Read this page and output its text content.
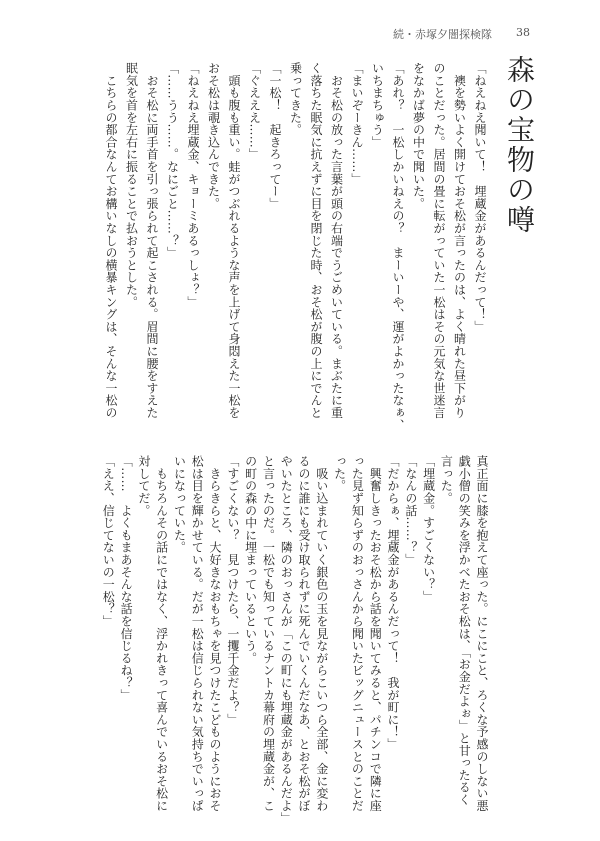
続・赤塚夕闇探検隊 38
森の宝物の噂
「ねえねえ聞いて！　埋蔵金があるんだって！」
　襖を勢いよく開けておそ松が言ったのは、よく晴れた昼下がり
のことだった。居間の畳に転がっていた一松はその元気な世迷言
をなかば夢の中で聞いた。
「あれ？　一松しかいねえの？　まーいーや、運がよかったなぁ、
いちまちゅう」
「まいぞーきん……」
　おそ松の放った言葉が頭の右端でうごめいている。まぶたに重
く落ちた眠気に抗えずに目を閉じた時、おそ松が腹の上にでんと
乗ってきた。
「一松！　起きろってー」
「ぐえええ……」
　頭も腹も重い。蛙がつぶれるような声を上げて身悶えた一松を
おそ松は覗き込んできた。
「ねえねえ埋蔵金、キョーミあるっしょ？」
「……うう……。なにごと……？」
　おそ松に両手首を引っ張られて起こされる。眉間に腰をすえた
眠気を首を左右に振ることで払おうとした。
　こちらの都合なんてお構いなしの横暴キングは、そんな一松の
真正面に膝を抱えて座った。にこにこと、ろくな予感のしない悪
戯小僧の笑みを浮かべたおそ松は、「お金だよぉ」と甘ったるく
言った。
「埋蔵金。すごくない？」
「なんの話……？」
「だからぁ、埋蔵金があるんだって！　我が町に！」
　興奮しきったおそ松から話を聞いてみると、パチンコで隣に座
った見ず知らずのおっさんから聞いたビッグニュースとのことだ
った。
　吸い込まれていく銀色の玉を見ながらこいつら全部、金に変わ
るのに誰にも受け取られずに死んでいくんだなあ、とおそ松がぼ
やいたところ、隣のおっさんが「この町にも埋蔵金があるんだよ」
と言ったのだ。一松でも知っているナントカ幕府の埋蔵金が、こ
の町の森の中に埋まっているという。
「すごくない？　見つけたら、一攫千金だよ？」
　きらきらと、大好きなおもちゃを見つけたこどものようにおそ
松は目を輝かせている。だが一松は信じられない気持ちでいっぱ
いになっていた。
　もちろんその話にではなく、浮かれきって喜んでいるおそ松に
対してだ。
「……　よくもまあそんな話を信じるね？」
「ええ、信じてないの一松？」
